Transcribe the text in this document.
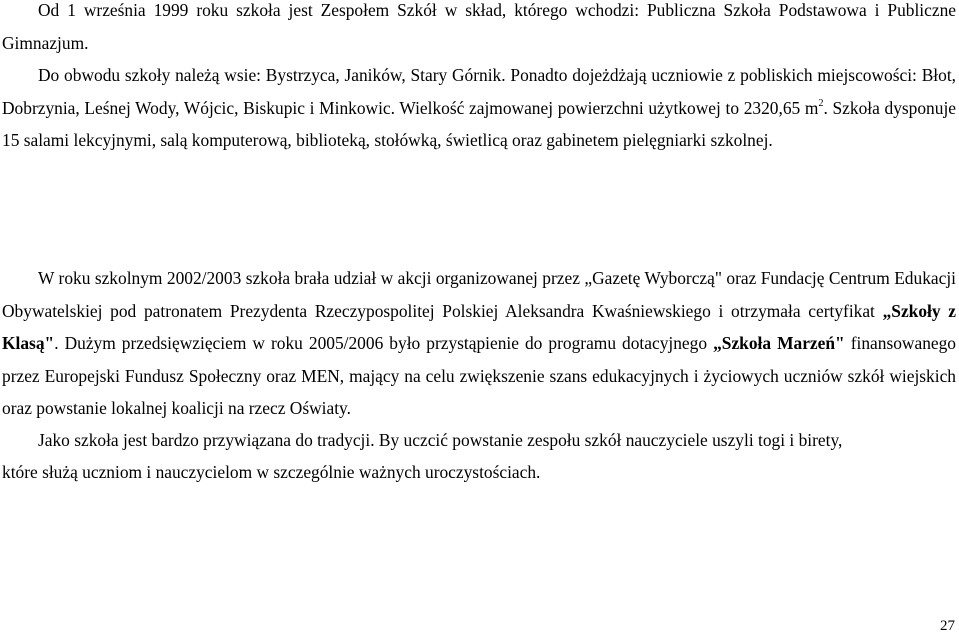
Od 1 września 1999 roku szkoła jest Zespołem Szkół w skład, którego wchodzi: Publiczna Szkoła Podstawowa i Publiczne Gimnazjum.

Do obwodu szkoły należą wsie: Bystrzyca, Janików, Stary Górnik. Ponadto dojeżdżają uczniowie z pobliskich miejscowości: Błot, Dobrzynia, Leśnej Wody, Wójcic, Biskupic i Minkowic. Wielkość zajmowanej powierzchni użytkowej to 2320,65 $m^2$. Szkoła dysponuje 15 salami lekcyjnymi, salą komputerową, biblioteką, stołówką, świetlicą oraz gabinetem pielęgniarki szkolnej.

W roku szkolnym 2002/2003 szkoła brała udział w akcji organizowanej przez „Gazetę Wyborczą" oraz Fundację Centrum Edukacji Obywatelskiej pod patronatem Prezydenta Rzeczypospolitej Polskiej Aleksandra Kwaśniewskiego i otrzymała certyfikat „Szkoły z Klasą". Dużym przedsięwzięciem w roku 2005/2006 było przystąpienie do programu dotacyjnego „Szkoła Marzeń" finansowanego przez Europejski Fundusz Społeczny oraz MEN, mający na celu zwiększenie szans edukacyjnych i życiowych uczniów szkół wiejskich oraz powstanie lokalnej koalicji na rzecz Oświaty.

Jako szkoła jest bardzo przywiązana do tradycji. By uczcić powstanie zespołu szkół nauczyciele uszyli togi i birety,

które służą uczniom i nauczycielom w szczególnie ważnych uroczystościach.

27
